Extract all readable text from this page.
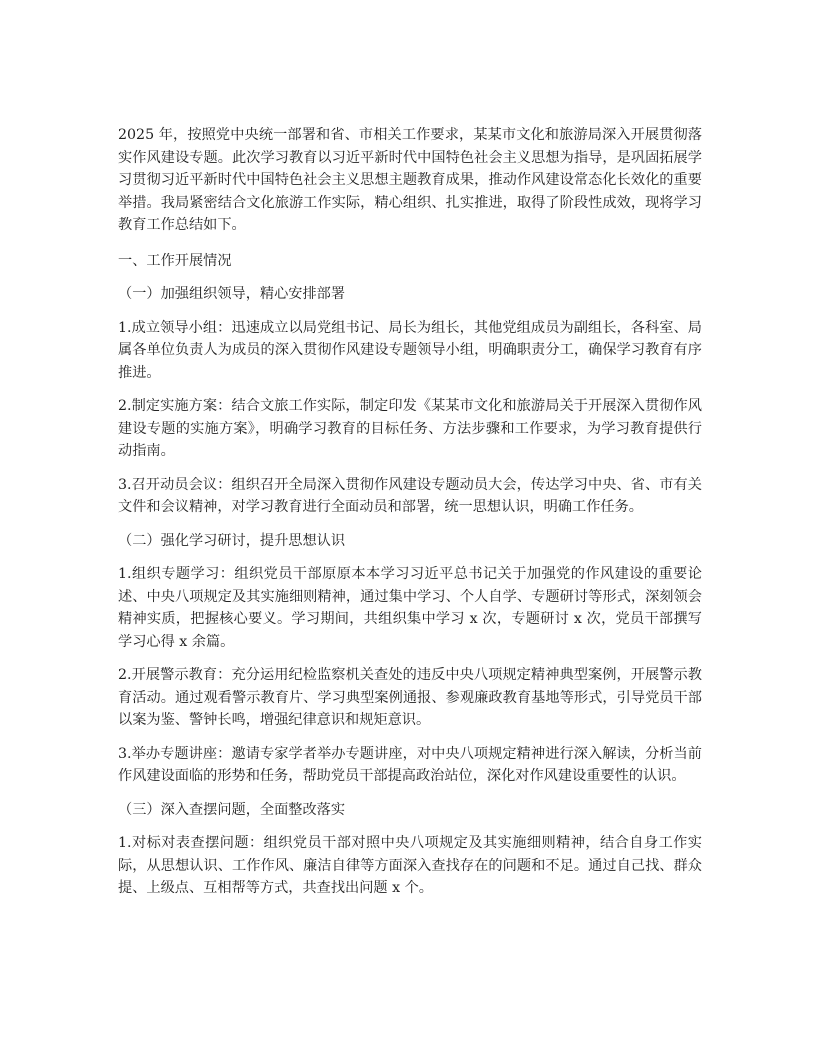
2025 年，按照党中央统一部署和省、市相关工作要求，某某市文化和旅游局深入开展贯彻落实作风建设专题。此次学习教育以习近平新时代中国特色社会主义思想为指导，是巩固拓展学习贯彻习近平新时代中国特色社会主义思想主题教育成果，推动作风建设常态化长效化的重要举措。我局紧密结合文化旅游工作实际，精心组织、扎实推进，取得了阶段性成效，现将学习教育工作总结如下。

一、工作开展情况

（一）加强组织领导，精心安排部署

1.成立领导小组：迅速成立以局党组书记、局长为组长，其他党组成员为副组长，各科室、局属各单位负责人为成员的深入贯彻作风建设专题领导小组，明确职责分工，确保学习教育有序推进。

2.制定实施方案：结合文旅工作实际，制定印发《某某市文化和旅游局关于开展深入贯彻作风建设专题的实施方案》，明确学习教育的目标任务、方法步骤和工作要求，为学习教育提供行动指南。

3.召开动员会议：组织召开全局深入贯彻作风建设专题动员大会，传达学习中央、省、市有关文件和会议精神，对学习教育进行全面动员和部署，统一思想认识，明确工作任务。

（二）强化学习研讨，提升思想认识

1.组织专题学习：组织党员干部原原本本学习习近平总书记关于加强党的作风建设的重要论述、中央八项规定及其实施细则精神，通过集中学习、个人自学、专题研讨等形式，深刻领会精神实质，把握核心要义。学习期间，共组织集中学习 x 次，专题研讨 x 次，党员干部撰写学习心得 x 余篇。

2.开展警示教育：充分运用纪检监察机关查处的违反中央八项规定精神典型案例，开展警示教育活动。通过观看警示教育片、学习典型案例通报、参观廉政教育基地等形式，引导党员干部以案为鉴、警钟长鸣，增强纪律意识和规矩意识。

3.举办专题讲座：邀请专家学者举办专题讲座，对中央八项规定精神进行深入解读，分析当前作风建设面临的形势和任务，帮助党员干部提高政治站位，深化对作风建设重要性的认识。

（三）深入查摆问题，全面整改落实

1.对标对表查摆问题：组织党员干部对照中央八项规定及其实施细则精神，结合自身工作实际，从思想认识、工作作风、廉洁自律等方面深入查找存在的问题和不足。通过自己找、群众提、上级点、互相帮等方式，共查找出问题 x 个。
